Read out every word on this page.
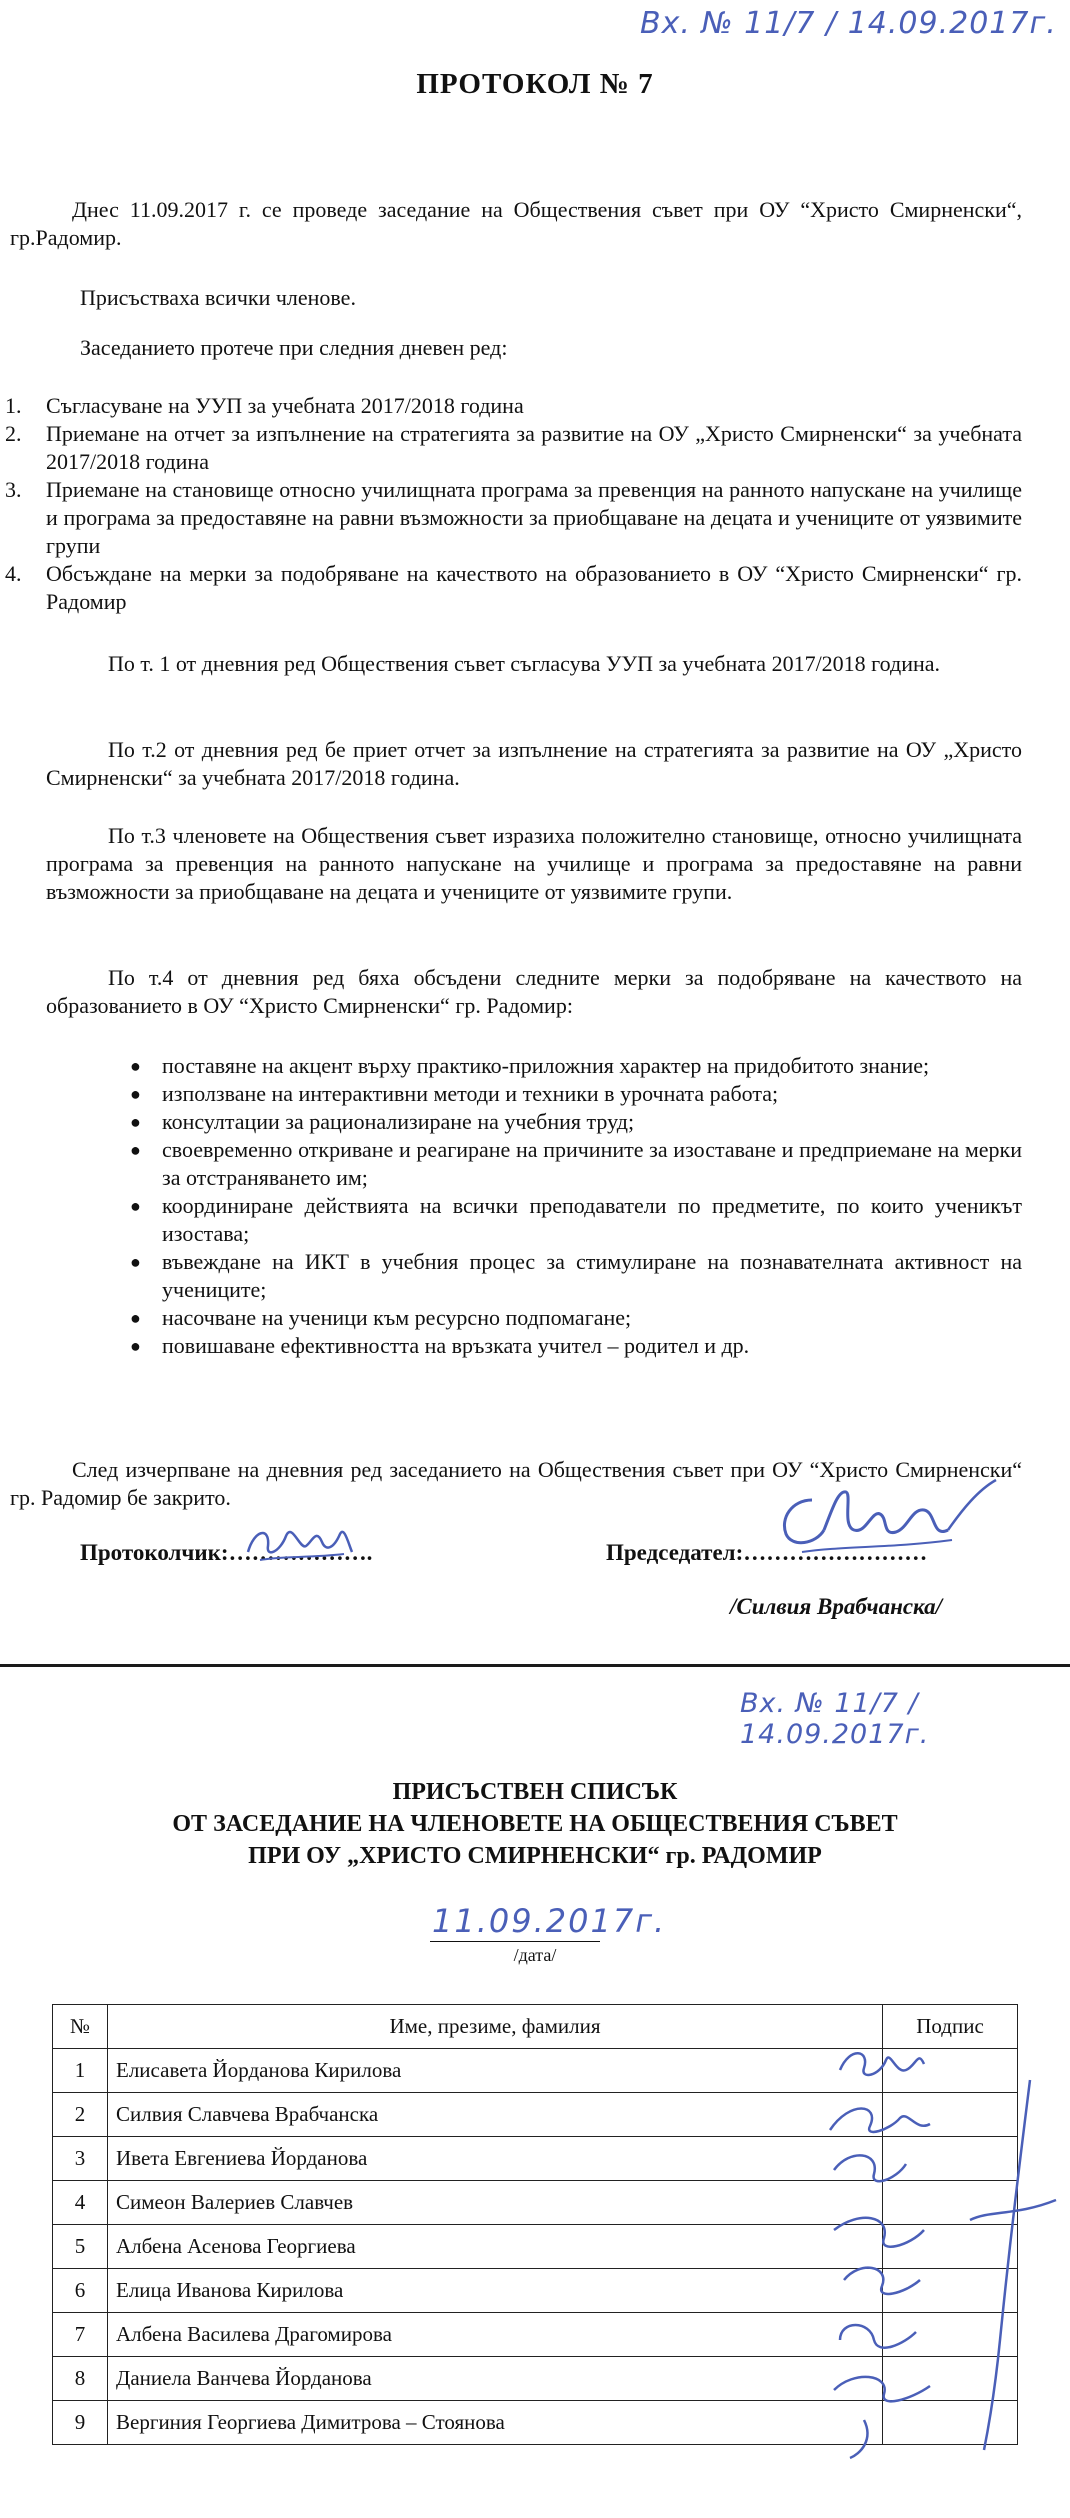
Вх. № 11/7 / 14.09.2017г.
ПРОТОКОЛ № 7
Днес 11.09.2017 г. се проведе заседание на Обществения съвет при ОУ “Христо Смирненски“, гр.Радомир.
Присъстваха всички членове.
Заседанието протече при следния дневен ред:
1. Съгласуване на УУП за учебната 2017/2018 година
2. Приемане на отчет за изпълнение на стратегията за развитие на ОУ „Христо Смирненски“ за учебната 2017/2018 година
3. Приемане на становище относно училищната програма за превенция на ранното напускане на училище и програма за предоставяне на равни възможности за приобщаване на децата и учениците от уязвимите групи
4. Обсъждане на мерки за подобряване на качеството на образованието в ОУ “Христо Смирненски“ гр. Радомир
По т. 1 от дневния ред Обществения съвет съгласува УУП за учебната 2017/2018 година.
По т.2 от дневния ред бе приет отчет за изпълнение на стратегията за развитие на ОУ „Христо Смирненски“ за учебната 2017/2018 година.
По т.3 членовете на Обществения съвет изразиха положително становище, относно училищната програма за превенция на ранното напускане на училище и програма за предоставяне на равни възможности за приобщаване на децата и учениците от уязвимите групи.
По т.4 от дневния ред бяха обсъдени следните мерки за подобряване на качеството на образованието в ОУ “Христо Смирненски“ гр. Радомир:
● поставяне на акцент върху практико-приложния характер на придобитото знание;
● използване на интерактивни методи и техники в урочната работа;
● консултации за рационализиране на учебния труд;
● своевременно откриване и реагиране на причините за изоставане и предприемане на мерки за отстраняването им;
● координиране действията на всички преподаватели по предметите, по които ученикът изостава;
● въвеждане на ИКТ в учебния процес за стимулиране на познавателната активност на учениците;
● насочване на ученици към ресурсно подпомагане;
● повишаване ефективността на връзката учител – родител и др.
След изчерпване на дневния ред заседанието на Обществения съвет при ОУ “Христо Смирненски“ гр. Радомир бе закрито.
Протоколчик:……………….	Председател:……………………
/Силвия Врабчанска/
Вх. № 11/7 / 14.09.2017г.
ПРИСЪСТВЕН СПИСЪК
ОТ ЗАСЕДАНИЕ НА ЧЛЕНОВЕТЕ НА ОБЩЕСТВЕНИЯ СЪВЕТ
ПРИ ОУ „ХРИСТО СМИРНЕНСКИ“ гр. РАДОМИР
11.09.2017г.
/дата/
№	Име, презиме, фамилия	Подпис
1	Елисавета Йорданова Кирилова	
2	Силвия Славчева Врабчанска	
3	Ивета Евгениева Йорданова	
4	Симеон Валериев Славчев	
5	Албена Асенова Георгиева	
6	Елица Иванова Кирилова	
7	Албена Василева Драгомирова	
8	Даниела Ванчева Йорданова	
9	Вергиния Георгиева Димитрова – Стоянова	
